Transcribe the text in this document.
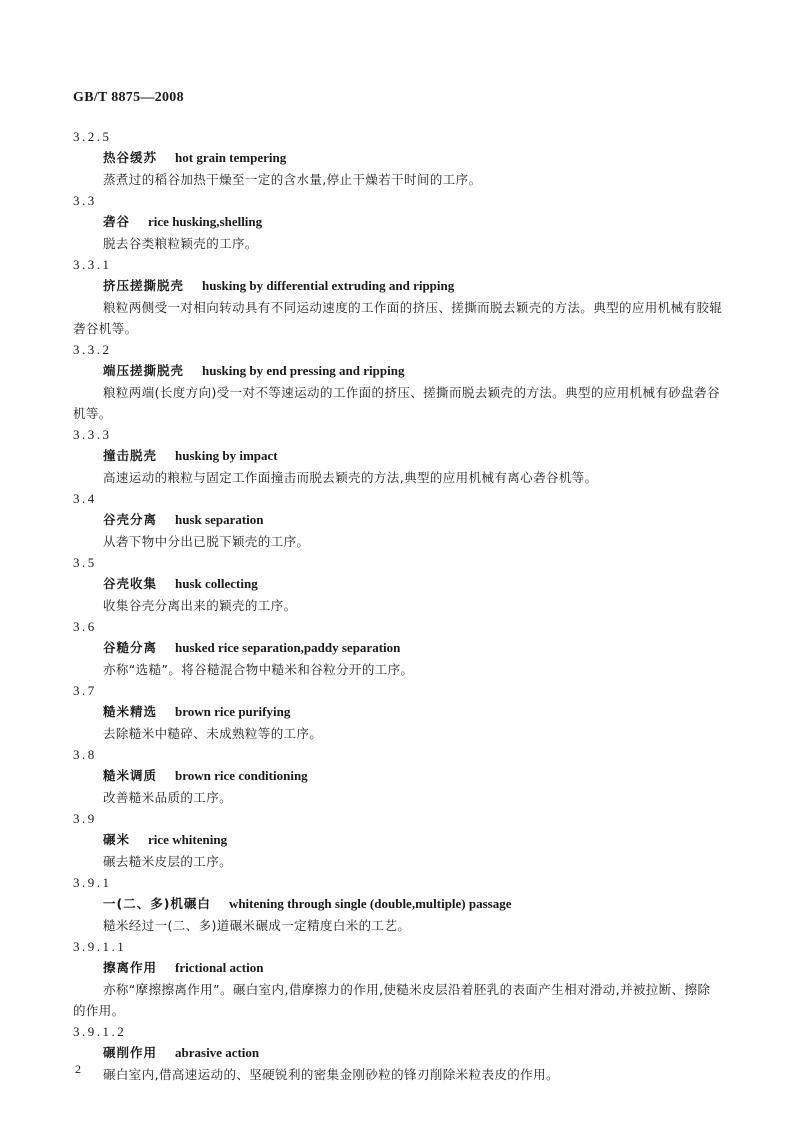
GB/T 8875—2008
3.2.5
热谷缓苏 hot grain tempering

蒸煮过的稻谷加热干燥至一定的含水量,停止干燥若干时间的工序。

3.3
砻谷 rice husking,shelling

脱去谷类粮粒颖壳的工序。

3.3.1
挤压搓撕脱壳 husking by differential extruding and ripping

粮粒两侧受一对相向转动具有不同运动速度的工作面的挤压、搓撕而脱去颖壳的方法。典型的应用机械有胶辊砻谷机等。

3.3.2
端压搓撕脱壳 husking by end pressing and ripping

粮粒两端(长度方向)受一对不等速运动的工作面的挤压、搓撕而脱去颖壳的方法。典型的应用机械有砂盘砻谷机等。

3.3.3
撞击脱壳 husking by impact

高速运动的粮粒与固定工作面撞击而脱去颖壳的方法,典型的应用机械有离心砻谷机等。

3.4
谷壳分离 husk separation

从砻下物中分出已脱下颖壳的工序。

3.5
谷壳收集 husk collecting

收集谷壳分离出来的颖壳的工序。

3.6
谷糙分离 husked rice separation,paddy separation

亦称“选糙”。将谷糙混合物中糙米和谷粒分开的工序。

3.7
糙米精选 brown rice purifying

去除糙米中糙碎、未成熟粒等的工序。

3.8
糙米调质 brown rice conditioning

改善糙米品质的工序。

3.9
碾米 rice whitening

碾去糙米皮层的工序。

3.9.1
一(二、多)机碾白 whitening through single (double,multiple) passage

糙米经过一(二、多)道碾米碾成一定精度白米的工艺。

3.9.1.1
擦离作用 frictional action

亦称“摩擦擦离作用”。碾白室内,借摩擦力的作用,使糙米皮层沿着胚乳的表面产生相对滑动,并被拉断、擦除的作用。

3.9.1.2
碾削作用 abrasive action

碾白室内,借高速运动的、坚硬锐利的密集金刚砂粒的锋刃削除米粒表皮的作用。

2
